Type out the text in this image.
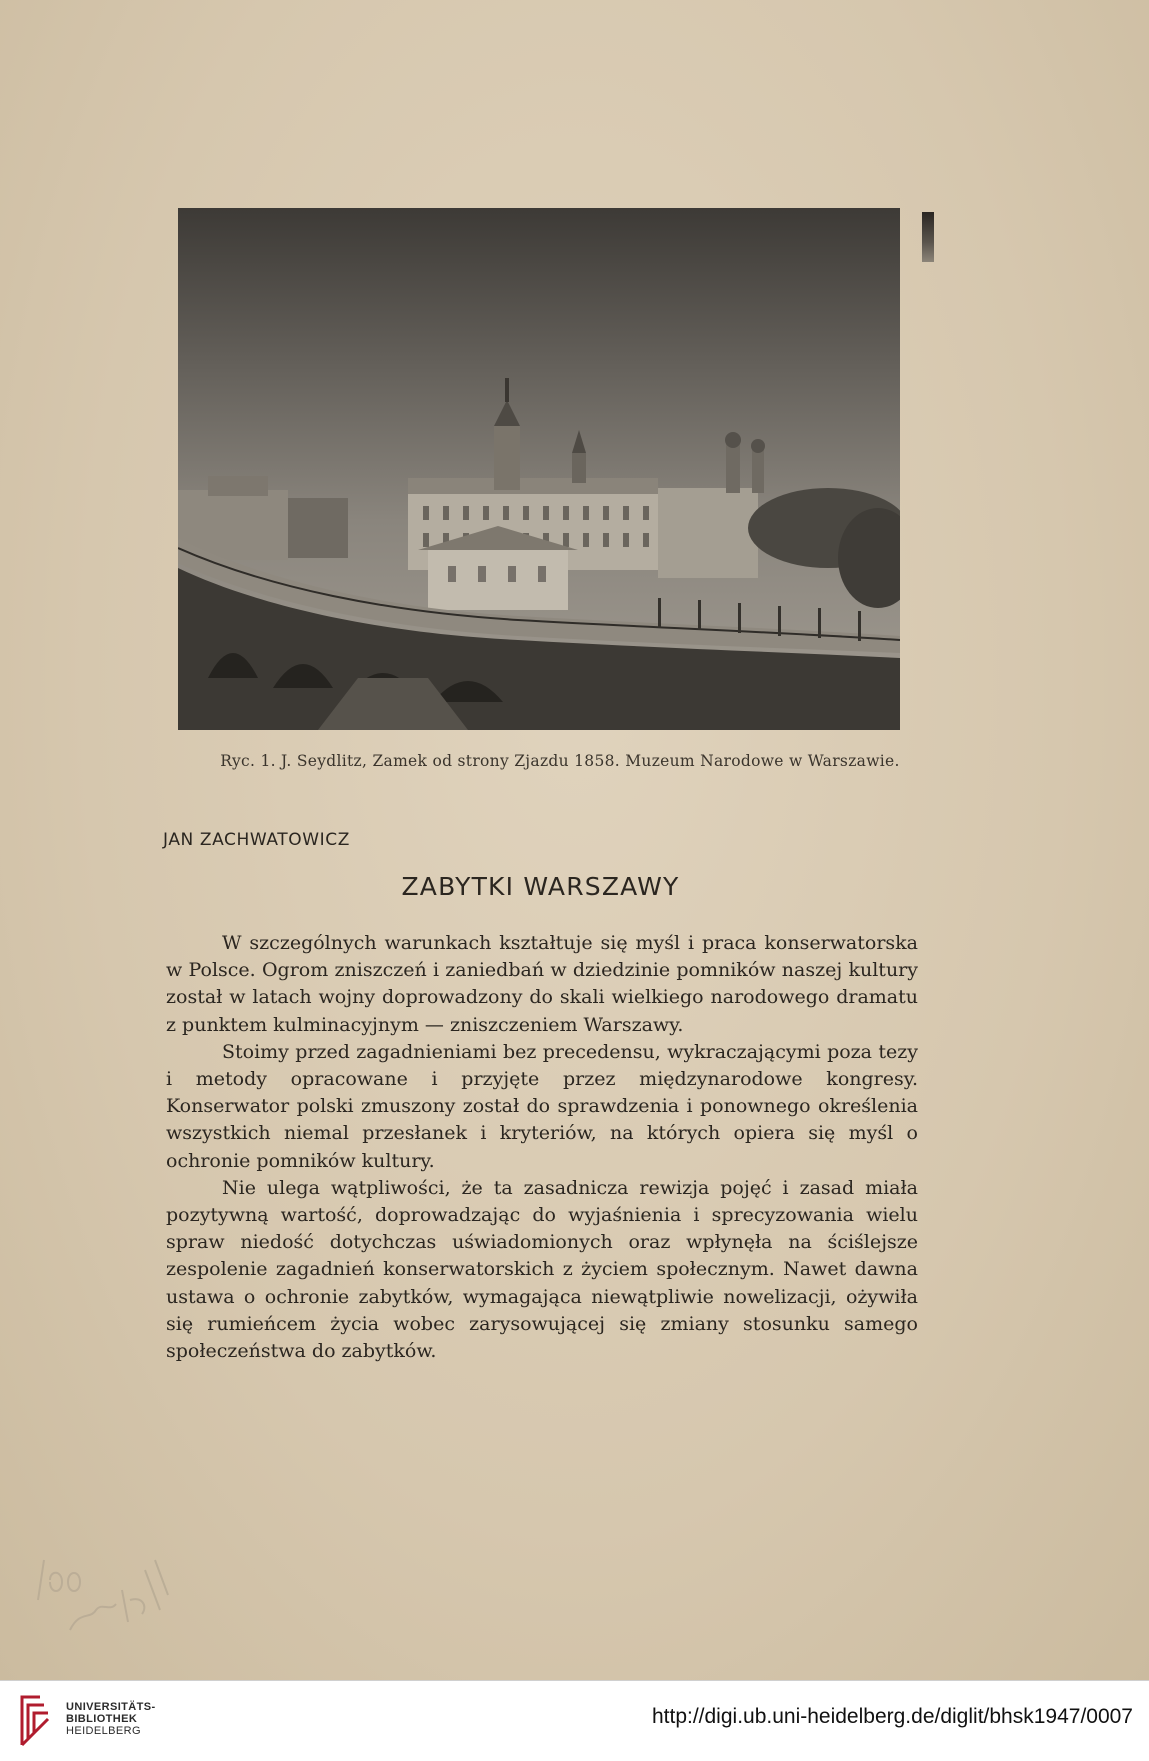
Ryc. 1. J. Seydlitz, Zamek od strony Zjazdu 1858. Muzeum Narodowe w Warszawie.
JAN ZACHWATOWICZ
ZABYTKI WARSZAWY

W szczególnych warunkach kształtuje się myśl i praca konserwatorska w Polsce. Ogrom zniszczeń i zaniedbań w dziedzinie pomników naszej kultury został w latach wojny doprowadzony do skali wielkiego narodowego dramatu z punktem kulminacyjnym — zniszczeniem Warszawy.

Stoimy przed zagadnieniami bez precedensu, wykraczającymi poza tezy i metody opracowane i przyjęte przez międzynarodowe kongresy. Konserwator polski zmuszony został do sprawdzenia i ponownego określenia wszystkich niemal przesłanek i kryteriów, na których opiera się myśl o ochronie pomników kultury.

Nie ulega wątpliwości, że ta zasadnicza rewizja pojęć i zasad miała pozytywną wartość, doprowadzając do wyjaśnienia i sprecyzowania wielu spraw niedość dotychczas uświadomionych oraz wpłynęła na ściślejsze zespolenie zagadnień konserwatorskich z życiem społecznym. Nawet dawna ustawa o ochronie zabytków, wymagająca niewątpliwie nowelizacji, ożywiła się rumieńcem życia wobec zarysowującej się zmiany stosunku samego społeczeństwa do zabytków.

UNIVERSITÄTS-
BIBLIOTHEK
HEIDELBERG
http://digi.ub.uni-heidelberg.de/diglit/bhsk1947/0007
